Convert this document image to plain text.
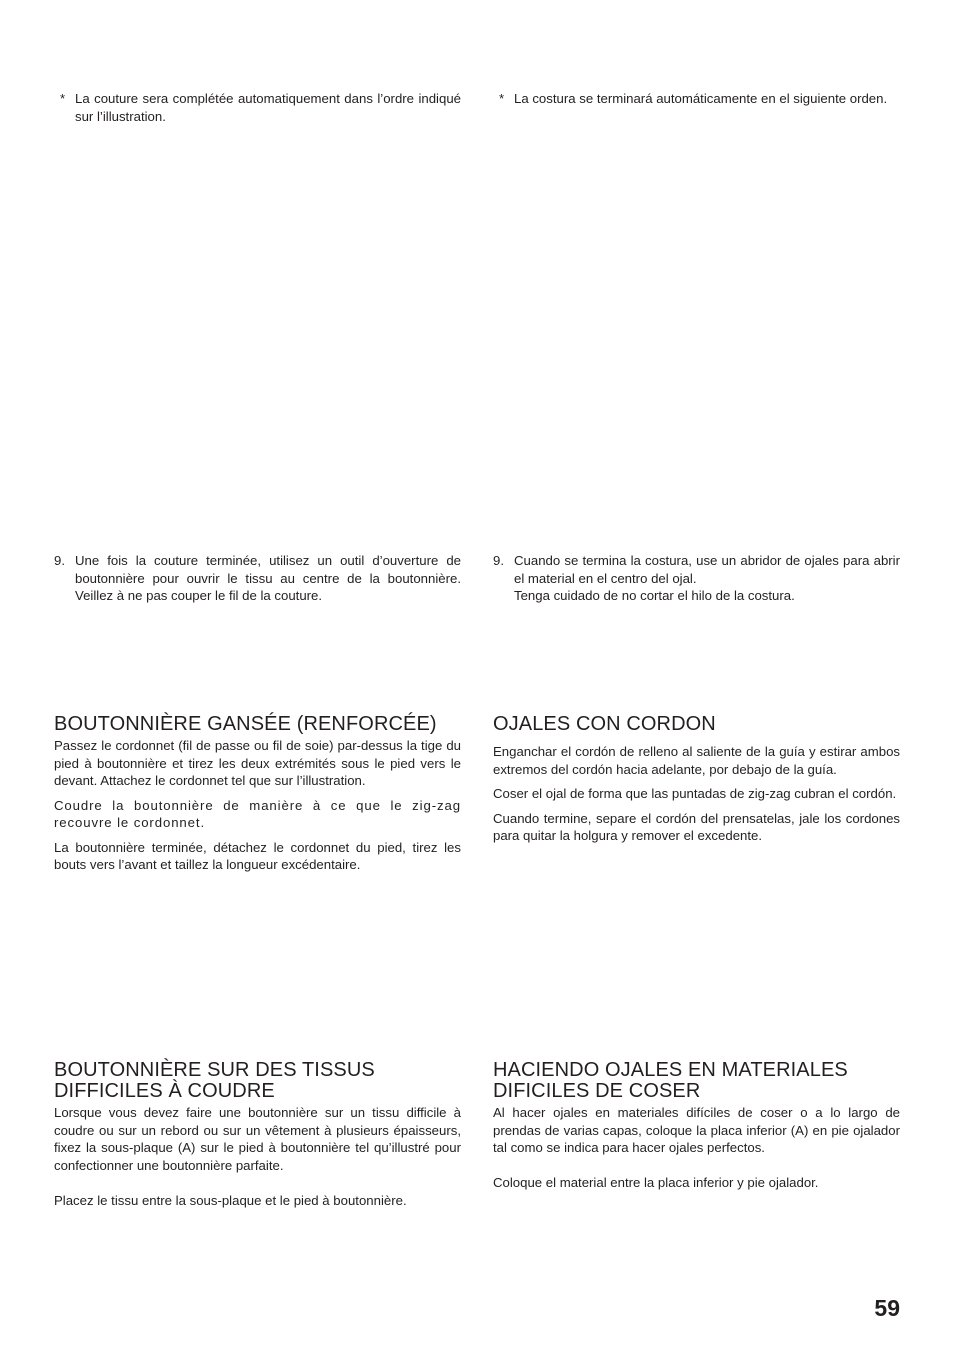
* La couture sera complétée automatiquement dans l’ordre indiqué sur l’illustration.

* La costura se terminará automáticamente en el siguiente orden.

9. Une fois la couture terminée, utilisez un outil d’ouverture de boutonnière pour ouvrir le tissu au centre de la boutonnière. Veillez à ne pas couper le fil de la couture.

9. Cuando se termina la costura, use un abridor de ojales para abrir el material en el centro del ojal.

Tenga cuidado de no cortar el hilo de la costura.

BOUTONNIÈRE GANSÉE (RENFORCÉE)

Passez le cordonnet (fil de passe ou fil de soie) par-dessus la tige du pied à boutonnière et tirez les deux extrémités sous le pied vers le devant. Attachez le cordonnet tel que sur l’illustration.

Coudre la boutonnière de manière à ce que le zig-zag recouvre le cordonnet.

La boutonnière terminée, détachez le cordonnet du pied, tirez les bouts vers l’avant et taillez la longueur excédentaire.

OJALES CON CORDON

Enganchar el cordón de relleno al saliente de la guía y estirar ambos extremos del cordón hacia adelante, por debajo de la guía.

Coser el ojal de forma que las puntadas de zig-zag cubran el cordón.

Cuando termine, separe el cordón del prensatelas, jale los cordones para quitar la holgura y remover el excedente.

BOUTONNIÈRE SUR DES TISSUS
DIFFICILES À COUDRE

Lorsque vous devez faire une boutonnière sur un tissu difficile à coudre ou sur un rebord ou sur un vêtement à plusieurs épaisseurs, fixez la sous-plaque (A) sur le pied à boutonnière tel qu’illustré pour confectionner une boutonnière parfaite.

Placez le tissu entre la sous-plaque et le pied à boutonnière.

HACIENDO OJALES EN MATERIALES
DIFICILES DE COSER

Al hacer ojales en materiales difíciles de coser o a lo largo de prendas de varias capas, coloque la placa inferior (A) en pie ojalador tal como se indica para hacer ojales perfectos.

Coloque el material entre la placa inferior y pie ojalador.

59
